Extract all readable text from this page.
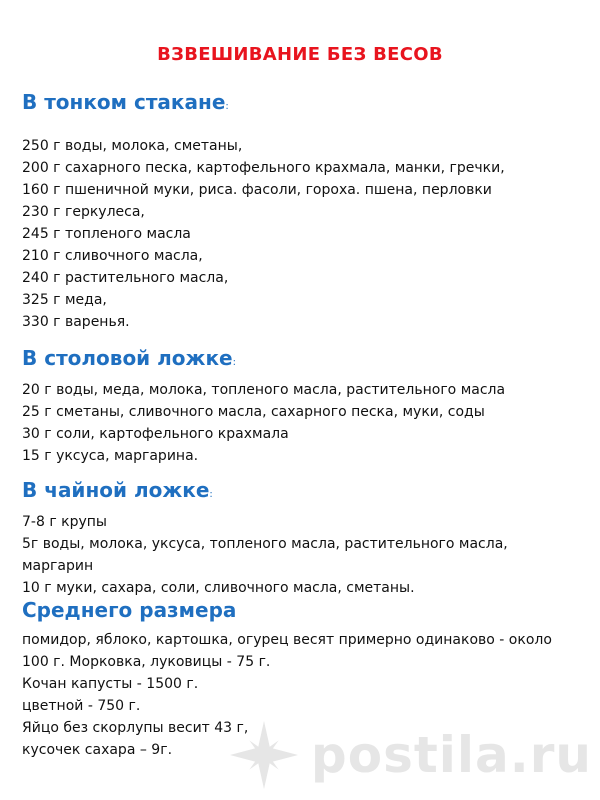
ВЗВЕШИВАНИЕ БЕЗ ВЕСОВ
В тонком стакане:
250 г воды, молока, сметаны,
200 г сахарного песка, картофельного крахмала, манки, гречки,
160 г пшеничной муки, риса. фасоли, гороха. пшена, перловки
230 г геркулеса,
245 г топленого масла
210 г сливочного масла,
240 г растительного масла,
325 г меда,
330 г варенья.
В столовой ложке:
20 г воды, меда, молока, топленого масла, растительного масла
25 г сметаны, сливочного масла, сахарного песка, муки, соды
30 г соли, картофельного крахмала
15 г уксуса, маргарина.
В чайной ложке:
7-8 г крупы
5г воды, молока, уксуса, топленого масла, растительного масла,
маргарин
10 г муки, сахара, соли, сливочного масла, сметаны.
Среднего размера
помидор, яблоко, картошка, огурец весят примерно одинаково - около
100 г. Морковка, луковицы - 75 г.
Кочан капусты - 1500 г.
цветной - 750 г.
Яйцо без скорлупы весит 43 г,
кусочек сахара – 9г.	postila.ru
